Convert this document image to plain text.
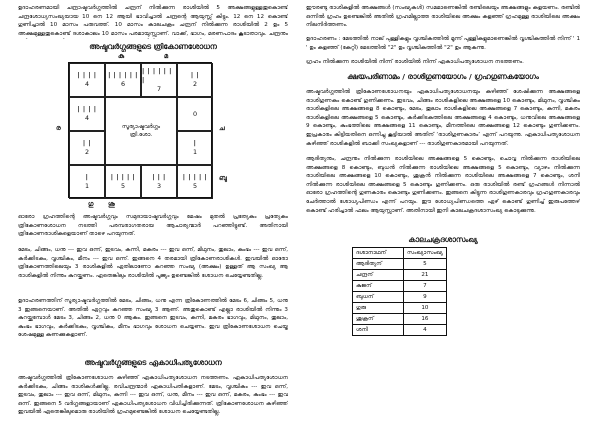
ഉദാഹരണമായി ചന്ദ്രാഷ്ടവർഗ്ഗത്തിൽ ചന്ദ്രന് നിൽക്കുന്ന രാശിയിൽ 5 അക്ഷങ്ങളുള്ളതുകൊണ്ട് ചന്ദ്രശോധ്യസംഖ്യയായ 10 നെ 12 ആയി ഭാവിച്ചാൽ ചന്ദ്രന്റെ ആയുസ്സ് കിട്ടും. 12 നെ 12 കൊണ്ട് ഗുണിച്ചാൽ 10 മാസം പരുവത്ത്. 10 മാസം കാലചക്രം ചന്ദ്രന് നിൽക്കുന്ന രാശിയിൽ 2 ഉം 5 അക്ഷമുള്ളതുകൊണ്ട് ദശാകാലം 10 മാസം പരമായുസ്സാണ്. വാക്ക്, ഭാഗം, മരണപാദം കൂടാതാവും. ചന്ദ്രനും

അഷ്ടവർഗ്ഗങ്ങളുടെ ത്രികോണശോധന
കു	മ
ര	ച
ബു
ഗു ശു
| | | |
4
| | | | | |
6
| | | | | | |
7
| |
2
| | | |
4
സൂര്യാഷ്ടവർഗ്ഗം
ത്രി.ശോ.
0
| |
2
|
1
|
1
| | | | |
5
| | |
3
| | | | |
5

ഓരോ ഗ്രഹത്തിന്റെ അഷ്ടവർഗ്ഗവും സമുദായാഷ്ടവർഗ്ഗവും മേഷം മുതൽ പ്രത്യേകം പ്രത്യേകം ത്രികോണശോധന നടത്തി പരമ്പരാഗതരായ ആചാര്യന്മാർ പറഞ്ഞിട്ടുണ്ട്. അതിനായി ത്രികോണരാശികളെയാണ് താഴെ പറയുന്നത്.

മേടം, ചിങ്ങം, ധനു --- ഇവ ഒന്ന്, ഇടവം, കന്നി, മകരം --- ഇവ ഒന്ന്, മിഥുനം, തുലാം, കുംഭം --- ഇവ ഒന്ന്, കർക്കിടകം, വൃശ്ചികം, മീനം --- ഇവ ഒന്ന്. ഇങ്ങനെ 4 തരമായി ത്രികോണരാശികൾ. ഇവയിൽ ഓരോ ത്രികോണത്തിലെയും 3 രാശികളിൽ ഏതിലാണോ കുറഞ്ഞ സംഖ്യ (അക്ഷം) ഉള്ളത് ആ സംഖ്യ ആ രാശികളിൽ നിന്നും കുറയ്ക്കണം. ഏതെങ്കിലും രാശിയിൽ പൂജ്യം ഉണ്ടെങ്കിൽ ശോധന ചെയ്യേണ്ടതില്ല.

ഉദാഹരണത്തിന് സൂര്യാഷ്ടവർഗ്ഗത്തിൽ മേടം, ചിങ്ങം, ധനു എന്ന ത്രികോണത്തിൽ മേടം 6, ചിങ്ങം 5, ധനു 3 ഇങ്ങനെയാണ്. അതിൽ ഏറ്റവും കുറഞ്ഞ സംഖ്യ 3 ആണ്. അതുകൊണ്ട് എല്ലാ രാശിയിൽ നിന്നും 3 കുറയ്ക്കുമ്പോൾ മേടം 3, ചിങ്ങം 2, ധനു 0 ആകും. ഇങ്ങനെ ഇടവം, കന്നി, മകരം ഭാഗവും, മിഥുനം, തുലാം, കുംഭം ഭാഗവും, കർക്കിടകം, വൃശ്ചികം, മീനം ഭാഗവും ശോധന ചെയ്യണം. ഇവ ത്രികോണശോധന ചെയ്ത ശേഷമുള്ള കണക്കുകളാണ്.

അഷ്ടവർഗ്ഗങ്ങളുടെ ഏകാധിപത്യശോധന

അഷ്ടവർഗ്ഗത്തിൽ ത്രികോണശോധന കഴിഞ്ഞ് ഏകാധിപത്യശോധന നടത്തണം. ഏകാധിപത്യശോധന കർക്കിടകം, ചിങ്ങം രാശികൾക്കില്ല. രവിചന്ദ്രന്മാർ ഏകാധിപതികളാണ്. മേടം, വൃശ്ചികം --- ഇവ ഒന്ന്, ഇടവം, തുലാം --- ഇവ ഒന്ന്, മിഥുനം, കന്നി --- ഇവ ഒന്ന്, ധനു, മീനം --- ഇവ ഒന്ന്, മകരം, കുംഭം --- ഇവ ഒന്ന്. ഇങ്ങനെ 5 വർഗ്ഗങ്ങളായാണ് ഏകാധിപത്യശോധന വിധിച്ചിരിക്കുന്നത്. ത്രികോണശോധന കഴിഞ്ഞ് ഇവയിൽ ഏതെങ്കിലുമൊരു രാശിയിൽ ഗ്രഹമുണ്ടെങ്കിൽ ശോധന ചെയ്യേണ്ടതില്ല.

ഈരണ്ടു രാശികളിൽ അക്ഷങ്ങൾ (സംഖ്യകൾ) സമമാണെങ്കിൽ രണ്ടിലെയും അക്ഷങ്ങളും കളയണം. രണ്ടിൽ ഒന്നിൽ ഗ്രഹം ഉണ്ടെങ്കിൽ അതിൽ ഗ്രഹമില്ലാത്ത രാശിയിലെ അക്ഷം കളഞ്ഞ് ഗ്രഹമുള്ള രാശിയിലെ അക്ഷം നിലനിർത്തണം.

ഉദാഹരണം : മേടത്തിൽ നാല് പുള്ളികളും വൃശ്ചികത്തിൽ മൂന്ന് പുള്ളികളുമാണെങ്കിൽ വൃശ്ചികത്തിൽ നിന്ന് ' 1 ' ഉം കളഞ്ഞ് (കേറ്റി) മേടത്തിൽ "2" ഉം വൃശ്ചികത്തിൽ "2" ഉം ആകുന്നു.

ഗ്രഹം നിൽക്കുന്ന രാശിയിൽ നിന്ന് രാശിയിൽ നിന്ന് ഏകാധിപത്യശോധന നടത്തണം.

ക്ഷയപരിണാമം / രാശിഗുണയോഗം / ഗ്രഹഗുണകയോഗം

അഷ്ടവർഗ്ഗത്തിൽ ത്രികോണശോധനയും ഏകാധിപത്യശോധനയും കഴിഞ്ഞ് ശേഷിക്കുന്ന അക്ഷങ്ങളെ രാശിഗുണകം കൊണ്ട് ഗുണിക്കണം. ഇടവം, ചിങ്ങം രാശികളിലെ അക്ഷങ്ങളെ 10 കൊണ്ടും, മിഥുനം, വൃശ്ചികം രാശികളിലെ അക്ഷങ്ങളെ 8 കൊണ്ടും, മേടം, തുലാം രാശികളിലെ അക്ഷങ്ങളെ 7 കൊണ്ടും, കന്നി, മകരം രാശികളിലെ അക്ഷങ്ങളെ 5 കൊണ്ടും, കർക്കിടകത്തിലെ അക്ഷങ്ങളെ 4 കൊണ്ടും, ധനുവിലെ അക്ഷങ്ങളെ 9 കൊണ്ടും, കുംഭത്തിലെ അക്ഷങ്ങളെ 11 കൊണ്ടും, മീനത്തിലെ അക്ഷങ്ങളെ 12 കൊണ്ടും ഗുണിക്കണം. ഇപ്രകാരം കിട്ടിയതിനെ ഒന്നിച്ചു കൂട്ടിയാൽ അതിന് ‘രാശിഗുണകാരം’ എന്ന് പറയുന്നു. ഏകാധിപത്യശോധന കഴിഞ്ഞ് രാശികളിൽ ബാക്കി സംഖ്യകളാണ് --- രാശിഗുണകാരമായി പറയുന്നത്.

ആദിത്യനും, ചന്ദ്രനും നിൽക്കുന്ന രാശിയിലെ അക്ഷങ്ങളെ 5 കൊണ്ടും, ചൊവ്വ നിൽക്കുന്ന രാശിയിലെ അക്ഷങ്ങളെ 8 കൊണ്ടും, ബുധൻ നിൽക്കുന്ന രാശിയിലെ അക്ഷങ്ങളെ 5 കൊണ്ടും, വ്യാഴം നിൽക്കുന്ന രാശിയിലെ അക്ഷങ്ങളെ 10 കൊണ്ടും, ശുക്രൻ നിൽക്കുന്ന രാശിയിലെ അക്ഷങ്ങളെ 7 കൊണ്ടും, ശനി നിൽക്കുന്ന രാശിയിലെ അക്ഷങ്ങളെ 5 കൊണ്ടും ഗുണിക്കണം. ഒരു രാശിയിൽ രണ്ട് ഗ്രഹങ്ങൾ നിന്നാൽ ഓരോ ഗ്രഹത്തിന്റെ ഗുണകാരം കൊണ്ടും ഗുണിക്കണം. ഇങ്ങനെ കിട്ടുന്ന രാശിഗുണകാരവും ഗ്രഹഗുണകാരവും ചേർത്താൽ ശോധ്യപിണ്ഡം എന്ന് പറയും. ഈ ശോധ്യപിണ്ഡത്തെ ഏഴ് കൊണ്ട് ഗുണിച്ച് ഇരുപത്തേഴ് കൊണ്ട് ഹരിച്ചാൽ ഫലം ആയുസ്സാണ്. അതിനായി ഇനി കാലചക്രദശാസംഖ്യ കൊടുക്കുന്നു.

കാലചക്രദശാസംഖ്യ
ദശാനാഥന്	സംഖ്യാസംഖ്യ
ആദിത്യന്	5
ചന്ദ്രന്	21
കുജന്	7
ബുധന്	9
ഗുരു	10
ശുക്രന്	16
ശനി	4
